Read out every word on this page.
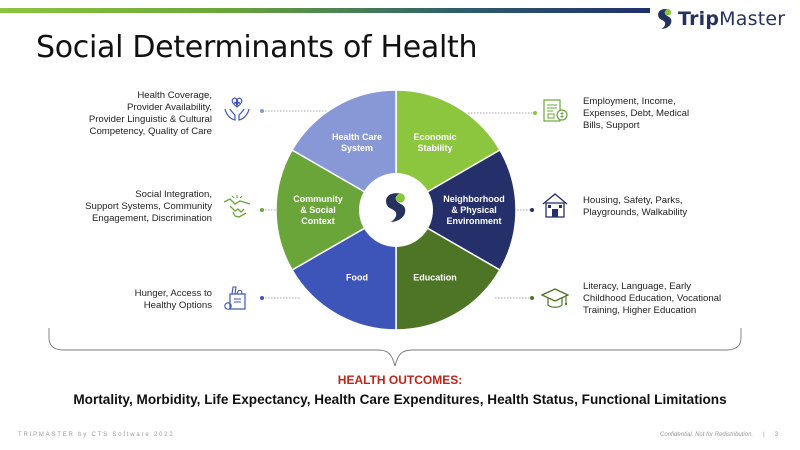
TripMaster
Social Determinants of Health
Health Coverage,
Provider Availability,
Provider Linguistic & Cultural
Competency, Quality of Care
Social Integration,
Support Systems, Community
Engagement, Discrimination
Hunger, Access to
Healthy Options
Employment, Income,
Expenses, Debt, Medical
Bills, Support
Housing, Safety, Parks,
Playgrounds, Walkability
Literacy, Language, Early
Childhood Education, Vocational
Training, Higher Education
Economic Stability
Neighborhood & Physical Environment
Education
Food
Community & Social Context
Health Care System
HEALTH OUTCOMES:
Mortality, Morbidity, Life Expectancy, Health Care Expenditures, Health Status, Functional Limitations
TRIPMASTER by CTS Software 2022	Confidential. Not for Redistribution. | 3
